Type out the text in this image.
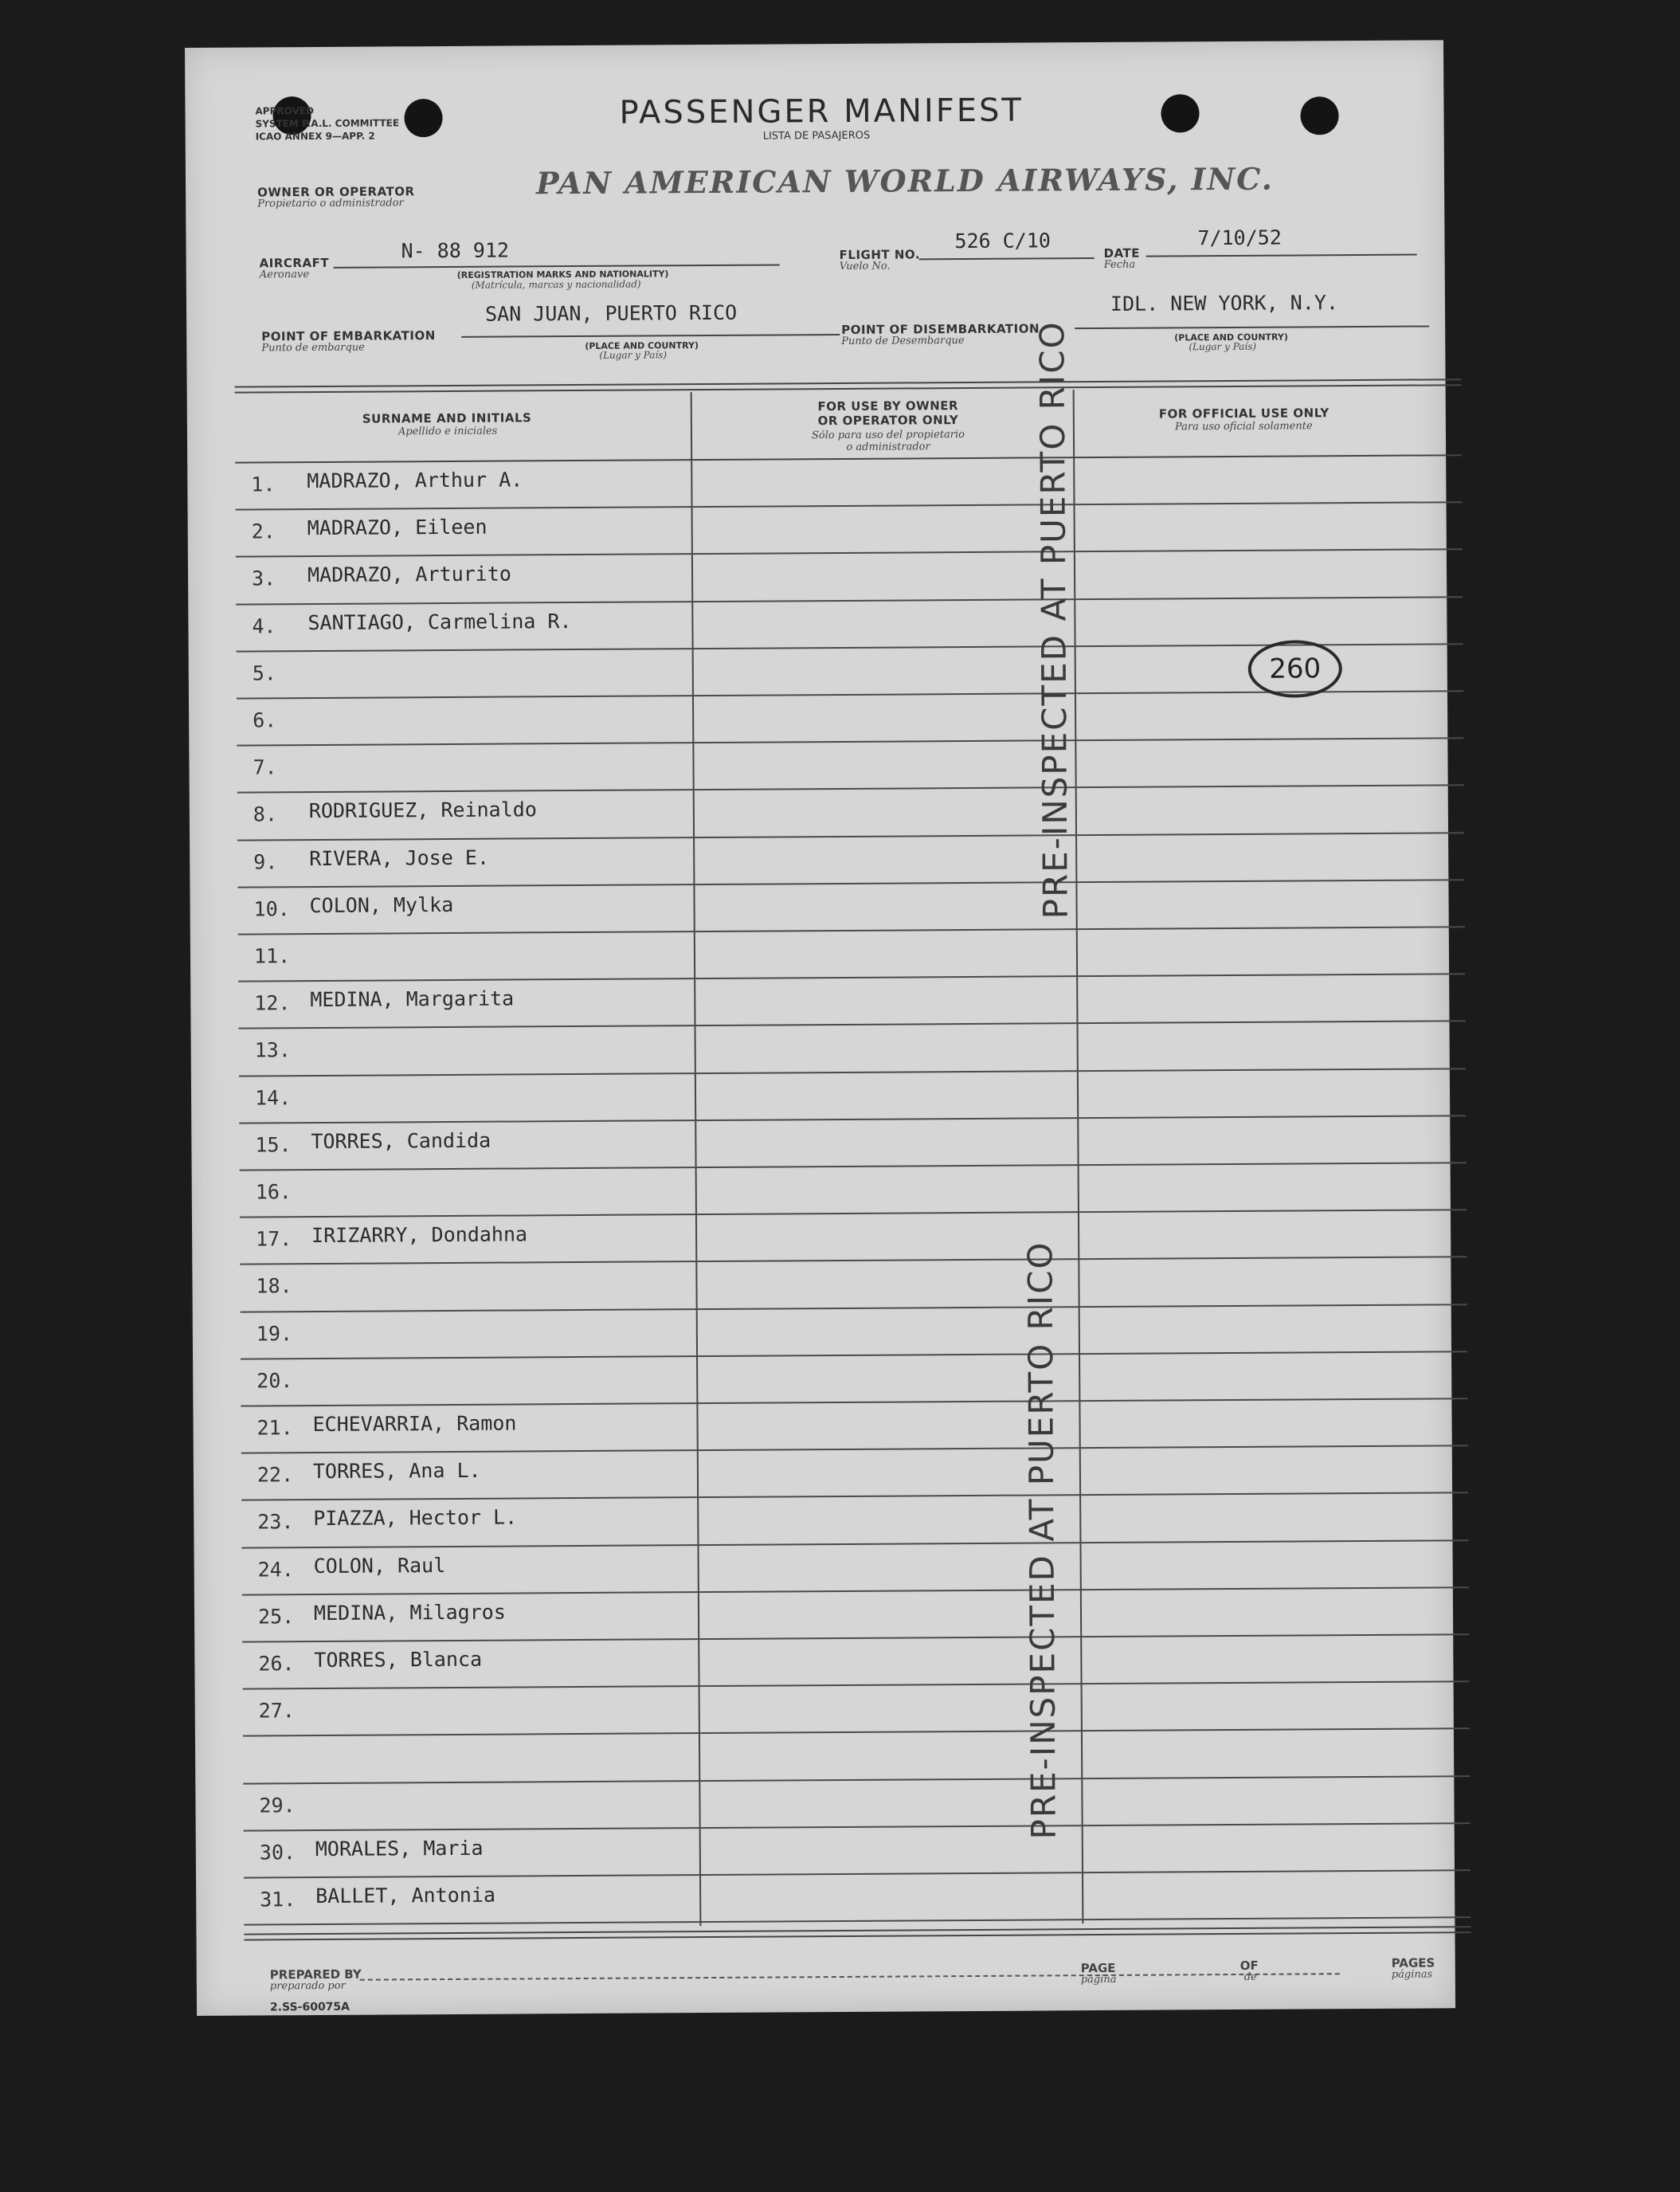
APPROVED
SYSTEM P.A.L. COMMITTEE
ICAO ANNEX 9—APP. 2
PASSENGER MANIFEST
LISTA DE PASAJEROS
OWNER OR OPERATOR
Propietario o administrador
PAN AMERICAN WORLD AIRWAYS, INC.
AIRCRAFT
Aeronave
N- 88 912
(REGISTRATION MARKS AND NATIONALITY)
(Matrícula, marcas y nacionalidad)
FLIGHT NO.
Vuelo No.
526 C/10
DATE
Fecha
7/10/52
SAN JUAN, PUERTO RICO
POINT OF EMBARKATION
Punto de embarque	(PLACE AND COUNTRY)
(Lugar y País)
IDL. NEW YORK, N.Y.
POINT OF DISEMBARKATION
Punto de Desembarque	(PLACE AND COUNTRY)
(Lugar y País)
SURNAME AND INITIALS
Apellido e iniciales
FOR USE BY OWNER
OR OPERATOR ONLY
Sólo para uso del propietario
o administrador
FOR OFFICIAL USE ONLY
Para uso oficial solamente
1. MADRAZO, Arthur A.
2. MADRAZO, Eileen
3. MADRAZO, Arturito
4. SANTIAGO, Carmelina R.
5.
6.
7.
8. RODRIGUEZ, Reinaldo
9. RIVERA, Jose E.
10. COLON, Mylka
11.
12. MEDINA, Margarita
13.
14.
15. TORRES, Candida
16.
17. IRIZARRY, Dondahna
18.
19.
20.
21. ECHEVARRIA, Ramon
22. TORRES, Ana L.
23. PIAZZA, Hector L.
24. COLON, Raul
25. MEDINA, Milagros
26. TORRES, Blanca
27.
29.
30. MORALES, Maria
31. BALLET, Antonia
PRE-INSPECTED AT PUERTO RICO
PRE-INSPECTED AT PUERTO RICO
260
PREPARED BY
preparado por
PAGE
página
OF
de
PAGES
páginas
2.SS-60075A
